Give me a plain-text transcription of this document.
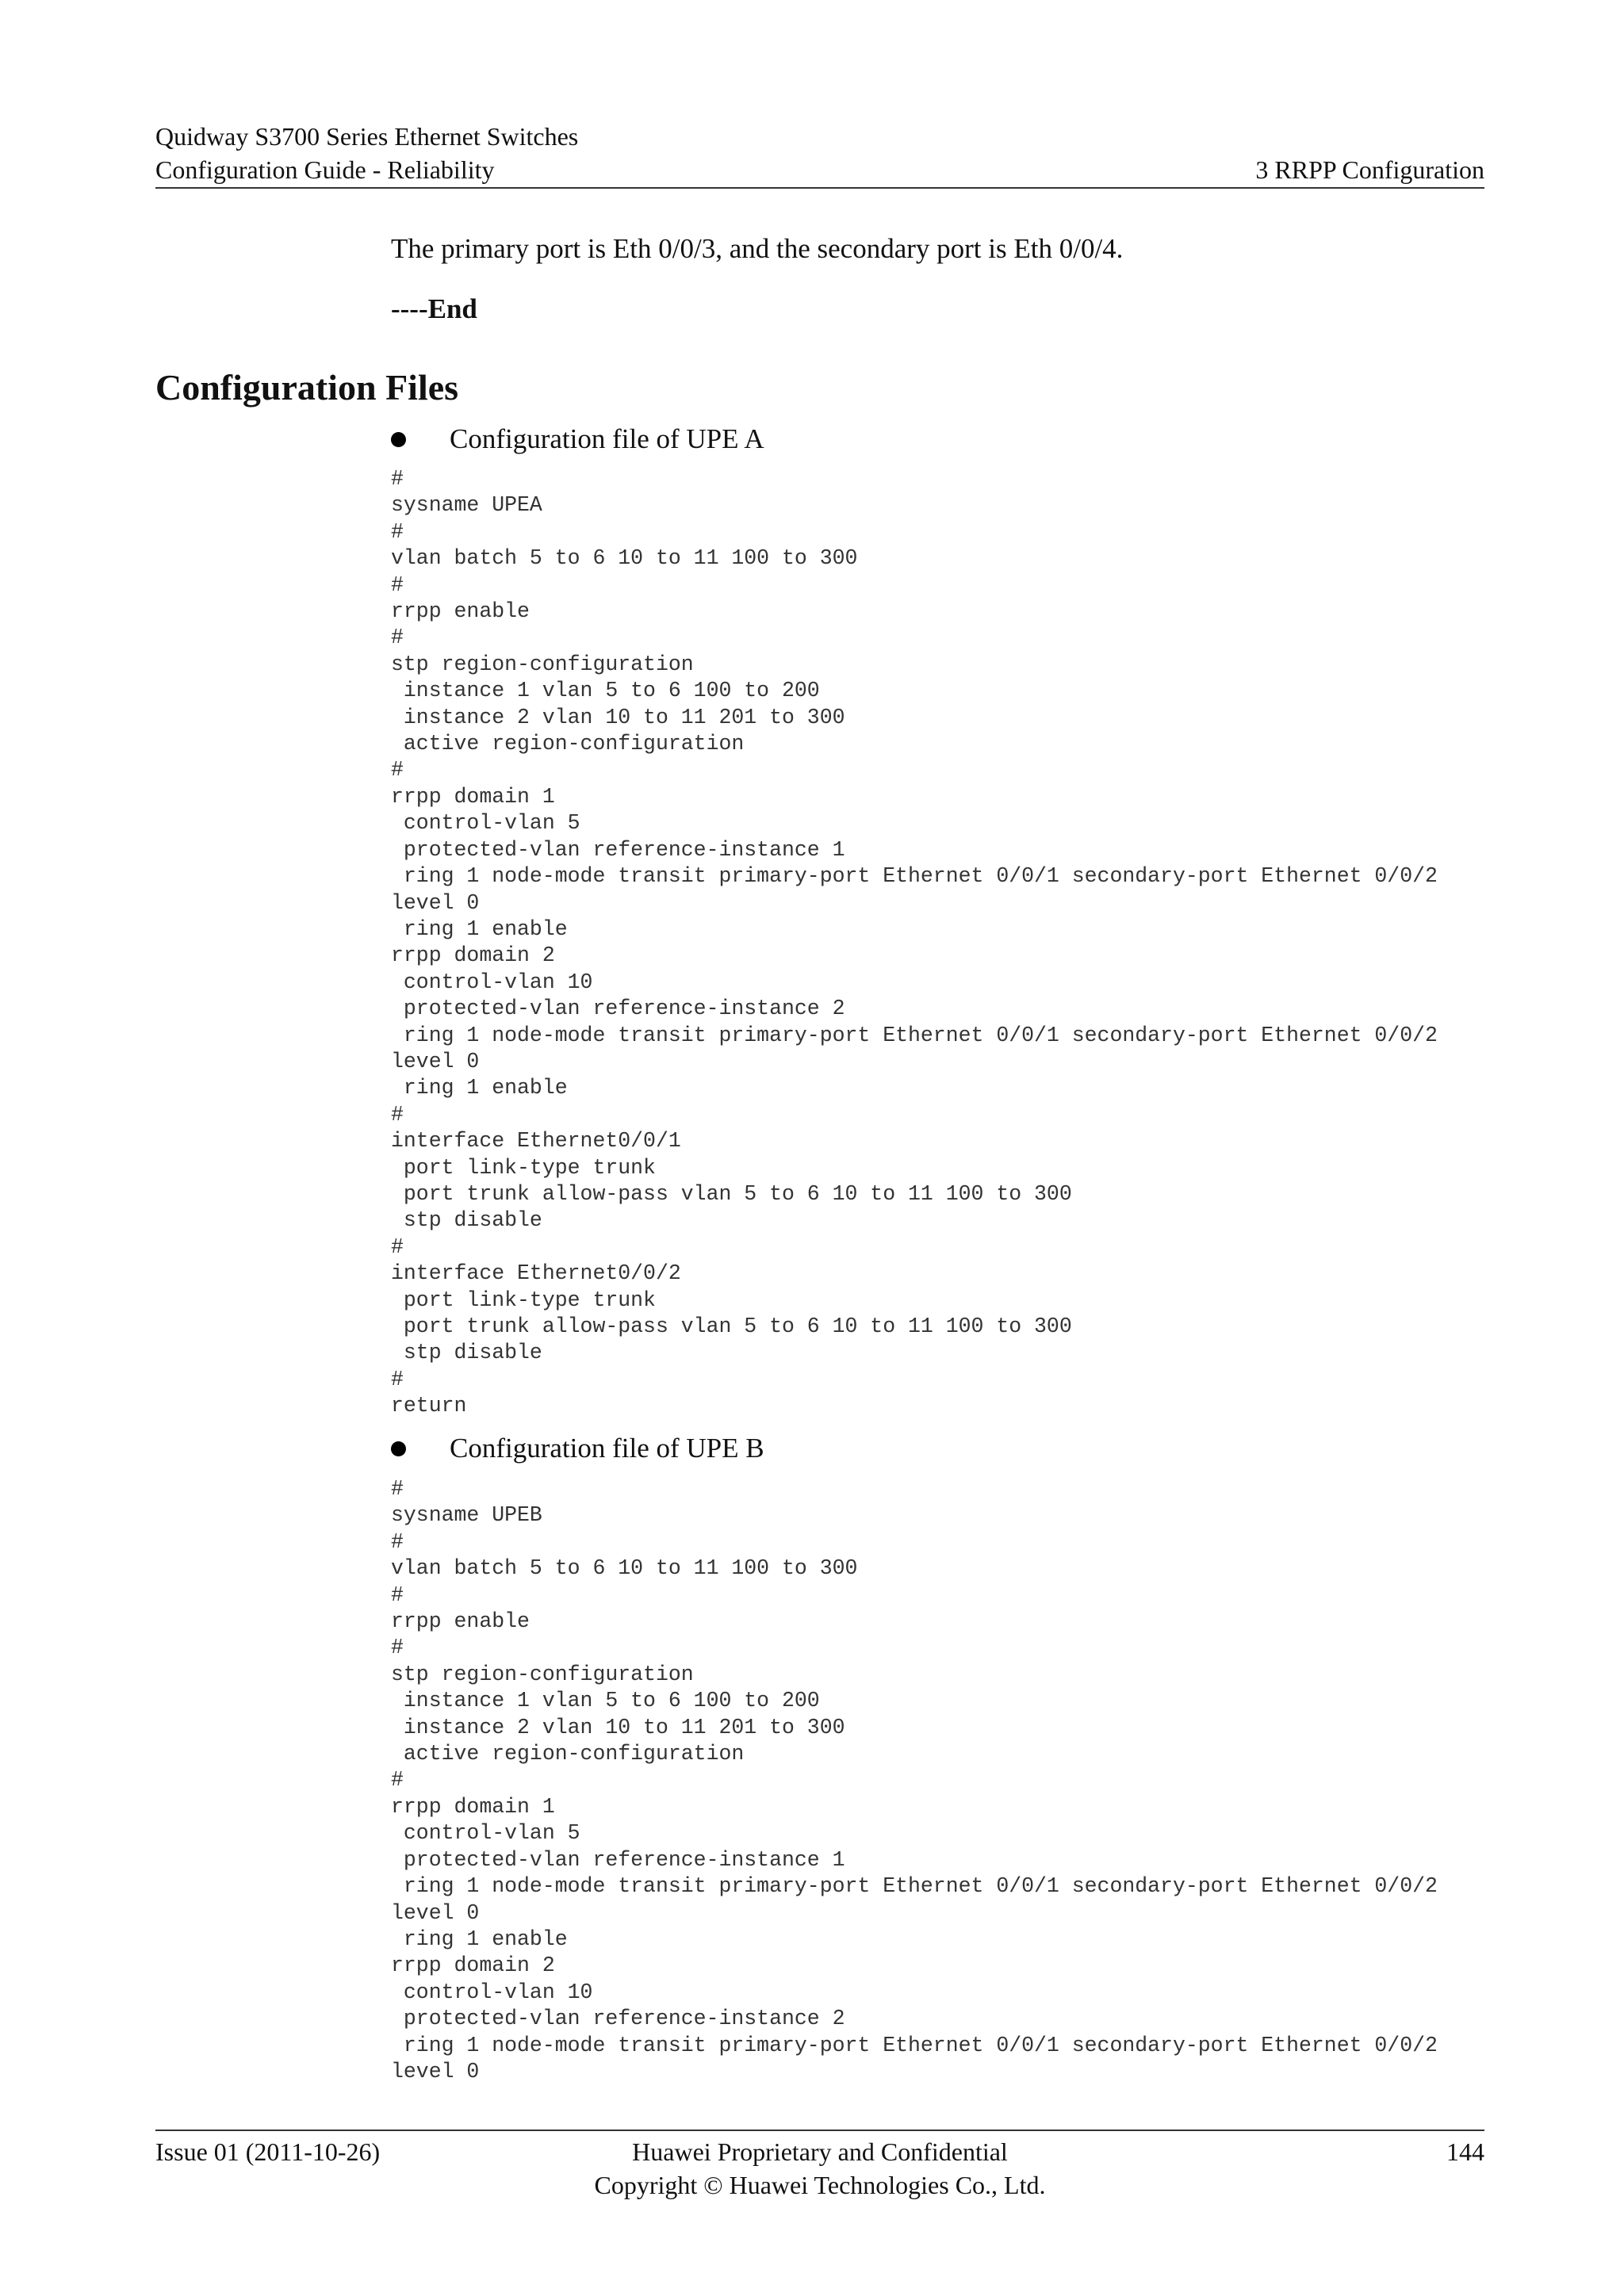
Quidway S3700 Series Ethernet Switches
Configuration Guide - Reliability	3 RRPP Configuration
The primary port is Eth 0/0/3, and the secondary port is Eth 0/0/4.
----End
Configuration Files
Configuration file of UPE A
#
sysname UPEA
#
vlan batch 5 to 6 10 to 11 100 to 300
#
rrpp enable
#
stp region-configuration
instance 1 vlan 5 to 6 100 to 200
instance 2 vlan 10 to 11 201 to 300
active region-configuration
#
rrpp domain 1
control-vlan 5
protected-vlan reference-instance 1
ring 1 node-mode transit primary-port Ethernet 0/0/1 secondary-port Ethernet 0/0/2
level 0
ring 1 enable
rrpp domain 2
control-vlan 10
protected-vlan reference-instance 2
ring 1 node-mode transit primary-port Ethernet 0/0/1 secondary-port Ethernet 0/0/2
level 0
ring 1 enable
#
interface Ethernet0/0/1
port link-type trunk
port trunk allow-pass vlan 5 to 6 10 to 11 100 to 300
stp disable
#
interface Ethernet0/0/2
port link-type trunk
port trunk allow-pass vlan 5 to 6 10 to 11 100 to 300
stp disable
#
return
Configuration file of UPE B
#
sysname UPEB
#
vlan batch 5 to 6 10 to 11 100 to 300
#
rrpp enable
#
stp region-configuration
instance 1 vlan 5 to 6 100 to 200
instance 2 vlan 10 to 11 201 to 300
active region-configuration
#
rrpp domain 1
control-vlan 5
protected-vlan reference-instance 1
ring 1 node-mode transit primary-port Ethernet 0/0/1 secondary-port Ethernet 0/0/2
level 0
ring 1 enable
rrpp domain 2
control-vlan 10
protected-vlan reference-instance 2
ring 1 node-mode transit primary-port Ethernet 0/0/1 secondary-port Ethernet 0/0/2
level 0
Issue 01 (2011-10-26)	Huawei Proprietary and Confidential
Copyright © Huawei Technologies Co., Ltd.
144
